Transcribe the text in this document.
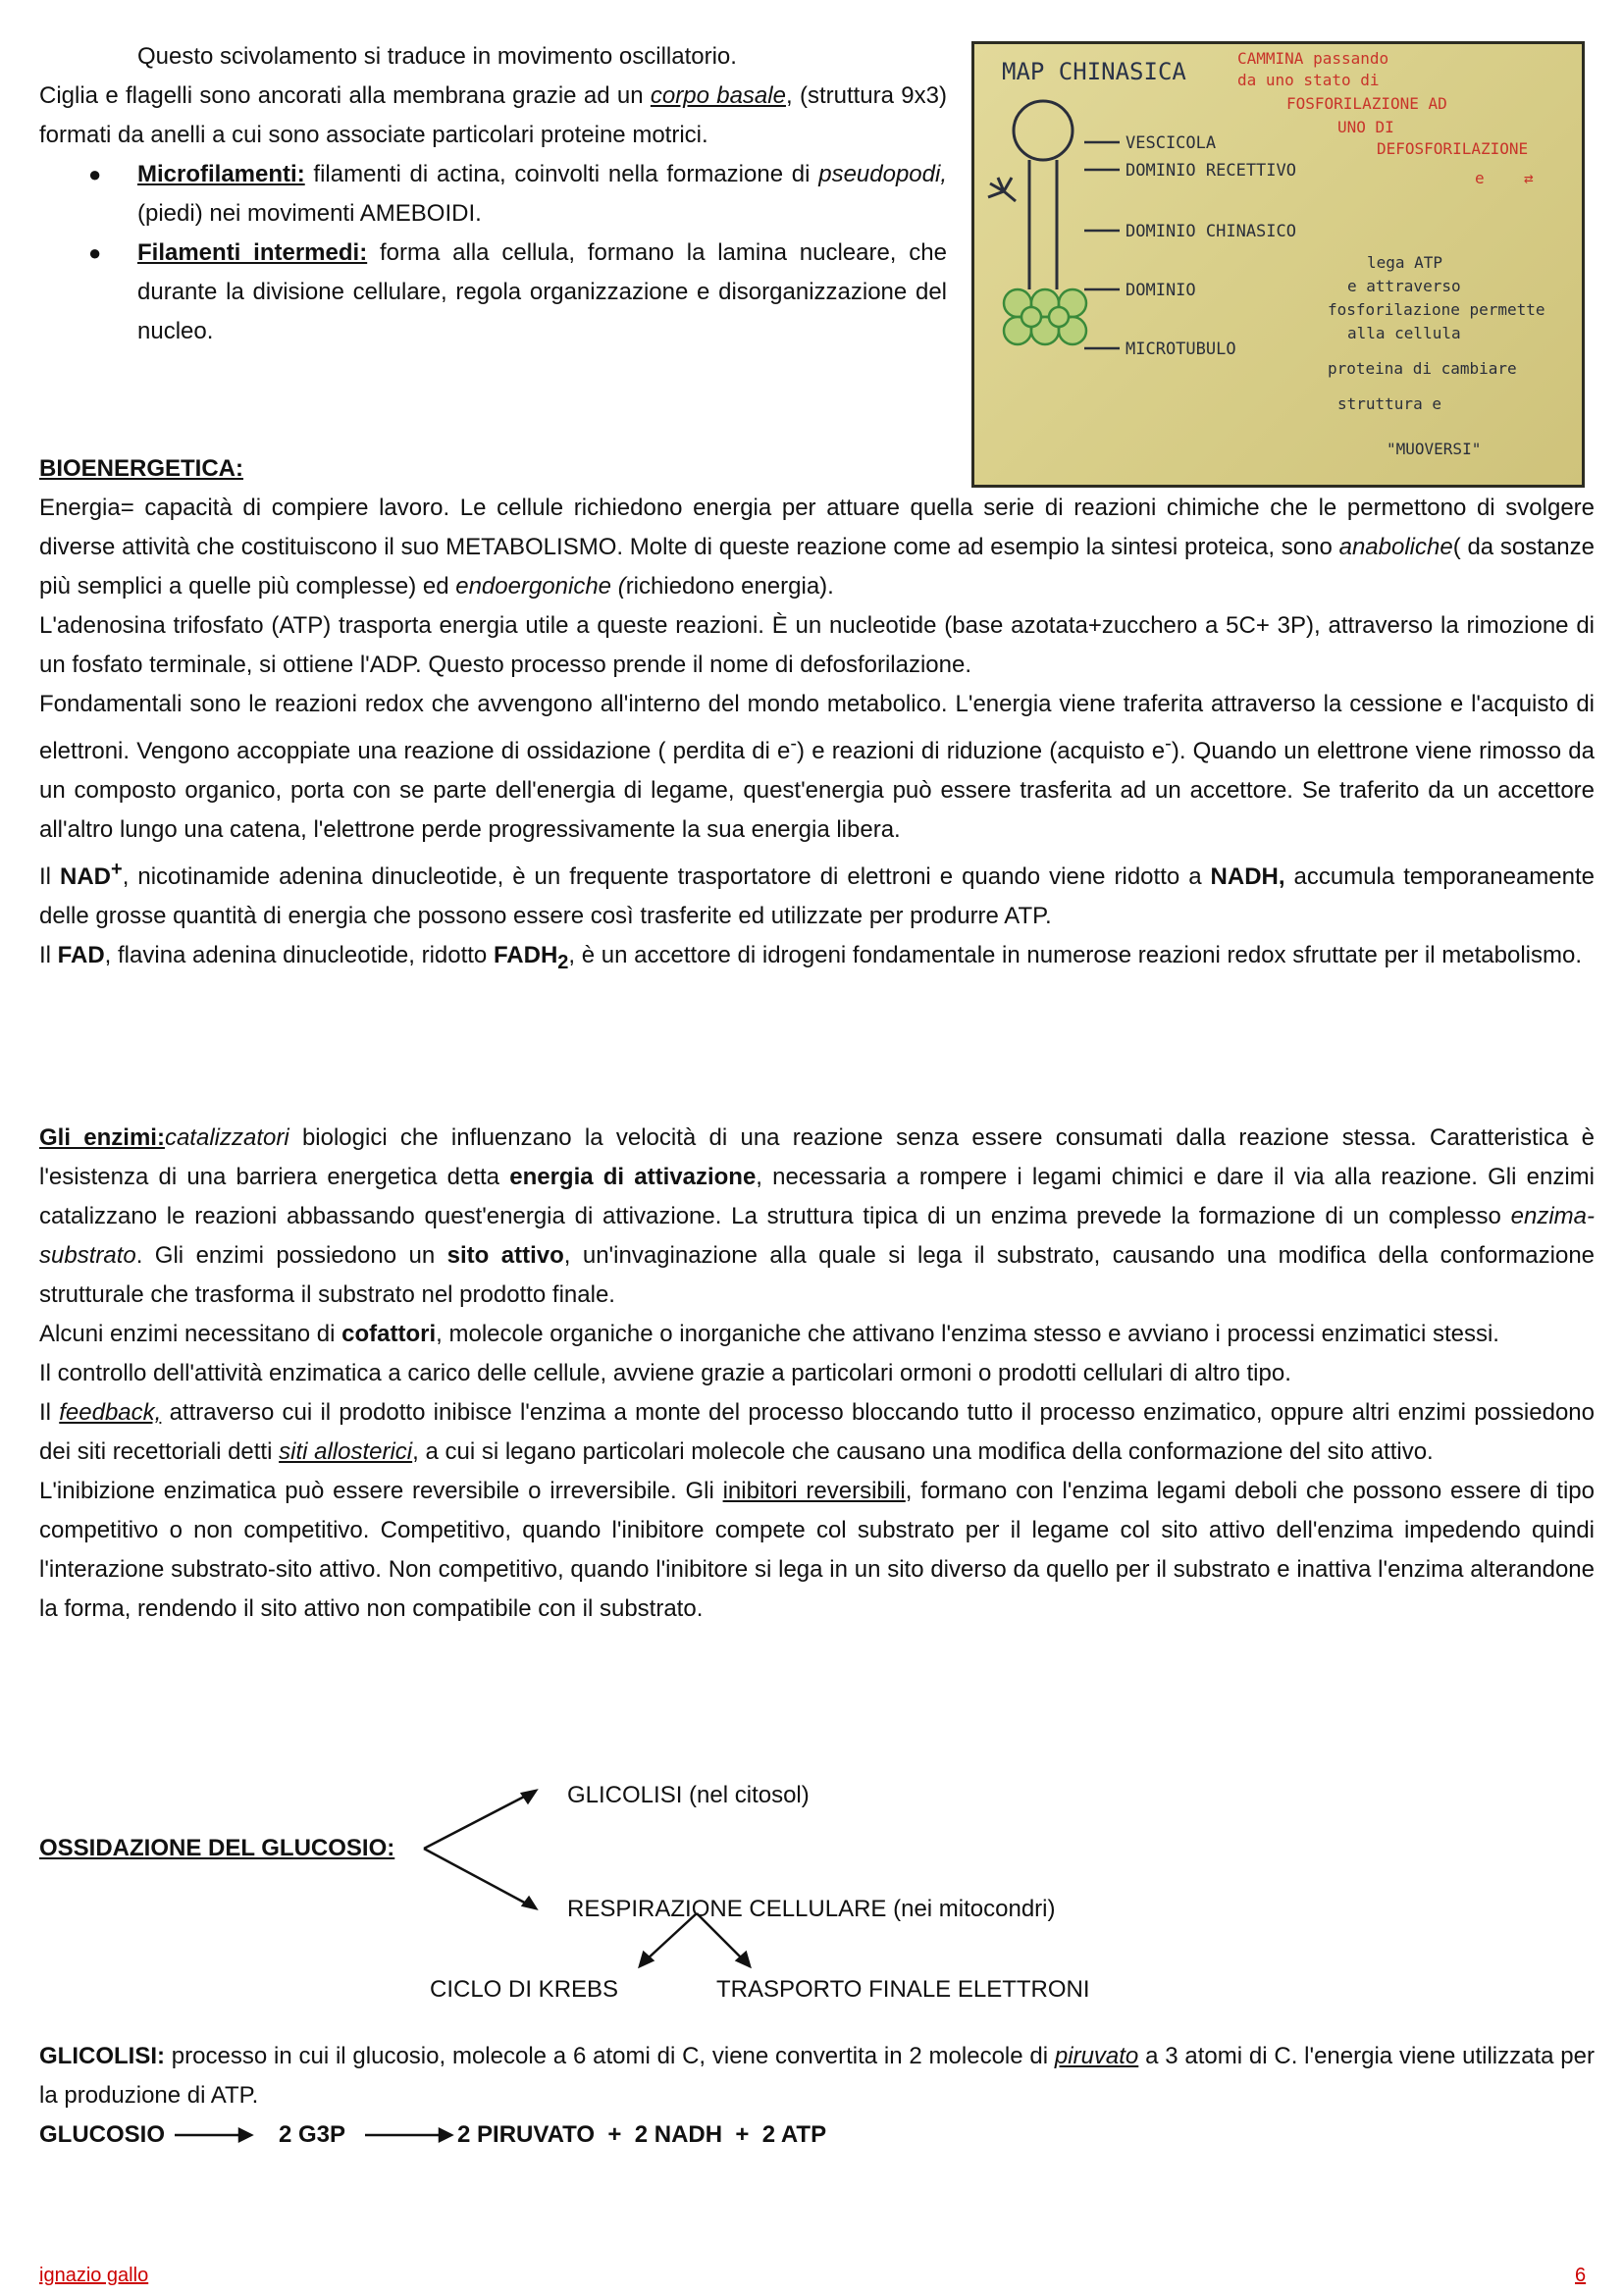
Questo scivolamento si traduce in movimento oscillatorio.

Ciglia e flagelli sono ancorati alla membrana grazie ad un corpo basale, (struttura 9x3) formati da anelli a cui sono associate particolari proteine motrici.

● Microfilamenti: filamenti di actina, coinvolti nella formazione di pseudopodi, (piedi) nei movimenti AMEBOIDI.
● Filamenti intermedi: forma alla cellula, formano la lamina nucleare, che durante la divisione cellulare, regola organizzazione e disorganizzazione del nucleo.
MAP CHINASICA	CAMMINA passando
da uno stato di
FOSFORILAZIONE AD
UNO DI
DEFOSFORILAZIONE
e	⇄
VESCICOLA
DOMINIO RECETTIVO
DOMINIO CHINASICO
DOMINIO
MICROTUBULO
lega ATP
e attraverso
fosforilazione permette
alla cellula
proteina di cambiare
struttura e
"MUOVERSI"

BIOENERGETICA:

Energia= capacità di compiere lavoro. Le cellule richiedono energia per attuare quella serie di reazioni chimiche che le permettono di svolgere diverse attività che costituiscono il suo METABOLISMO. Molte di queste reazione come ad esempio la sintesi proteica, sono anaboliche( da sostanze più semplici a quelle più complesse) ed endoergoniche (richiedono energia).

L'adenosina trifosfato (ATP) trasporta energia utile a queste reazioni. È un nucleotide (base azotata+zucchero a 5C+ 3P), attraverso la rimozione di un fosfato terminale, si ottiene l'ADP. Questo processo prende il nome di defosforilazione.

Fondamentali sono le reazioni redox che avvengono all'interno del mondo metabolico. L'energia viene traferita attraverso la cessione e l'acquisto di elettroni. Vengono accoppiate una reazione di ossidazione ( perdita di e-) e reazioni di riduzione (acquisto e-). Quando un elettrone viene rimosso da un composto organico, porta con se parte dell'energia di legame, quest'energia può essere trasferita ad un accettore. Se traferito da un accettore all'altro lungo una catena, l'elettrone perde progressivamente la sua energia libera.

Il NAD+, nicotinamide adenina dinucleotide, è un frequente trasportatore di elettroni e quando viene ridotto a NADH, accumula temporaneamente delle grosse quantità di energia che possono essere così trasferite ed utilizzate per produrre ATP.

Il FAD, flavina adenina dinucleotide, ridotto $FADH_2$, è un accettore di idrogeni fondamentale in numerose reazioni redox sfruttate per il metabolismo.

Gli enzimi:catalizzatori biologici che influenzano la velocità di una reazione senza essere consumati dalla reazione stessa. Caratteristica è l'esistenza di una barriera energetica detta energia di attivazione, necessaria a rompere i legami chimici e dare il via alla reazione. Gli enzimi catalizzano le reazioni abbassando quest'energia di attivazione. La struttura tipica di un enzima prevede la formazione di un complesso enzima-substrato. Gli enzimi possiedono un sito attivo, un'invaginazione alla quale si lega il substrato, causando una modifica della conformazione strutturale che trasforma il substrato nel prodotto finale.

Alcuni enzimi necessitano di cofattori, molecole organiche o inorganiche che attivano l'enzima stesso e avviano i processi enzimatici stessi.

Il controllo dell'attività enzimatica a carico delle cellule, avviene grazie a particolari ormoni o prodotti cellulari di altro tipo.

Il feedback, attraverso cui il prodotto inibisce l'enzima a monte del processo bloccando tutto il processo enzimatico, oppure altri enzimi possiedono dei siti recettoriali detti siti allosterici, a cui si legano particolari molecole che causano una modifica della conformazione del sito attivo.

L'inibizione enzimatica può essere reversibile o irreversibile. Gli inibitori reversibili, formano con l'enzima legami deboli che possono essere di tipo competitivo o non competitivo. Competitivo, quando l'inibitore compete col substrato per il legame col sito attivo dell'enzima impedendo quindi l'interazione substrato-sito attivo. Non competitivo, quando l'inibitore si lega in un sito diverso da quello per il substrato e inattiva l'enzima alterandone la forma, rendendo il sito attivo non compatibile con il substrato.

OSSIDAZIONE DEL GLUCOSIO:
GLICOLISI (nel citosol)
RESPIRAZIONE CELLULARE (nei mitocondri)
CICLO DI KREBS	TRASPORTO FINALE ELETTRONI

GLICOLISI: processo in cui il glucosio, molecole a 6 atomi di C, viene convertita in 2 molecole di piruvato a 3 atomi di C. l'energia viene utilizzata per la produzione di ATP.

GLUCOSIO	2 G3P	2 PIRUVATO  +  2 NADH  +  2 ATP
ignazio gallo	6
